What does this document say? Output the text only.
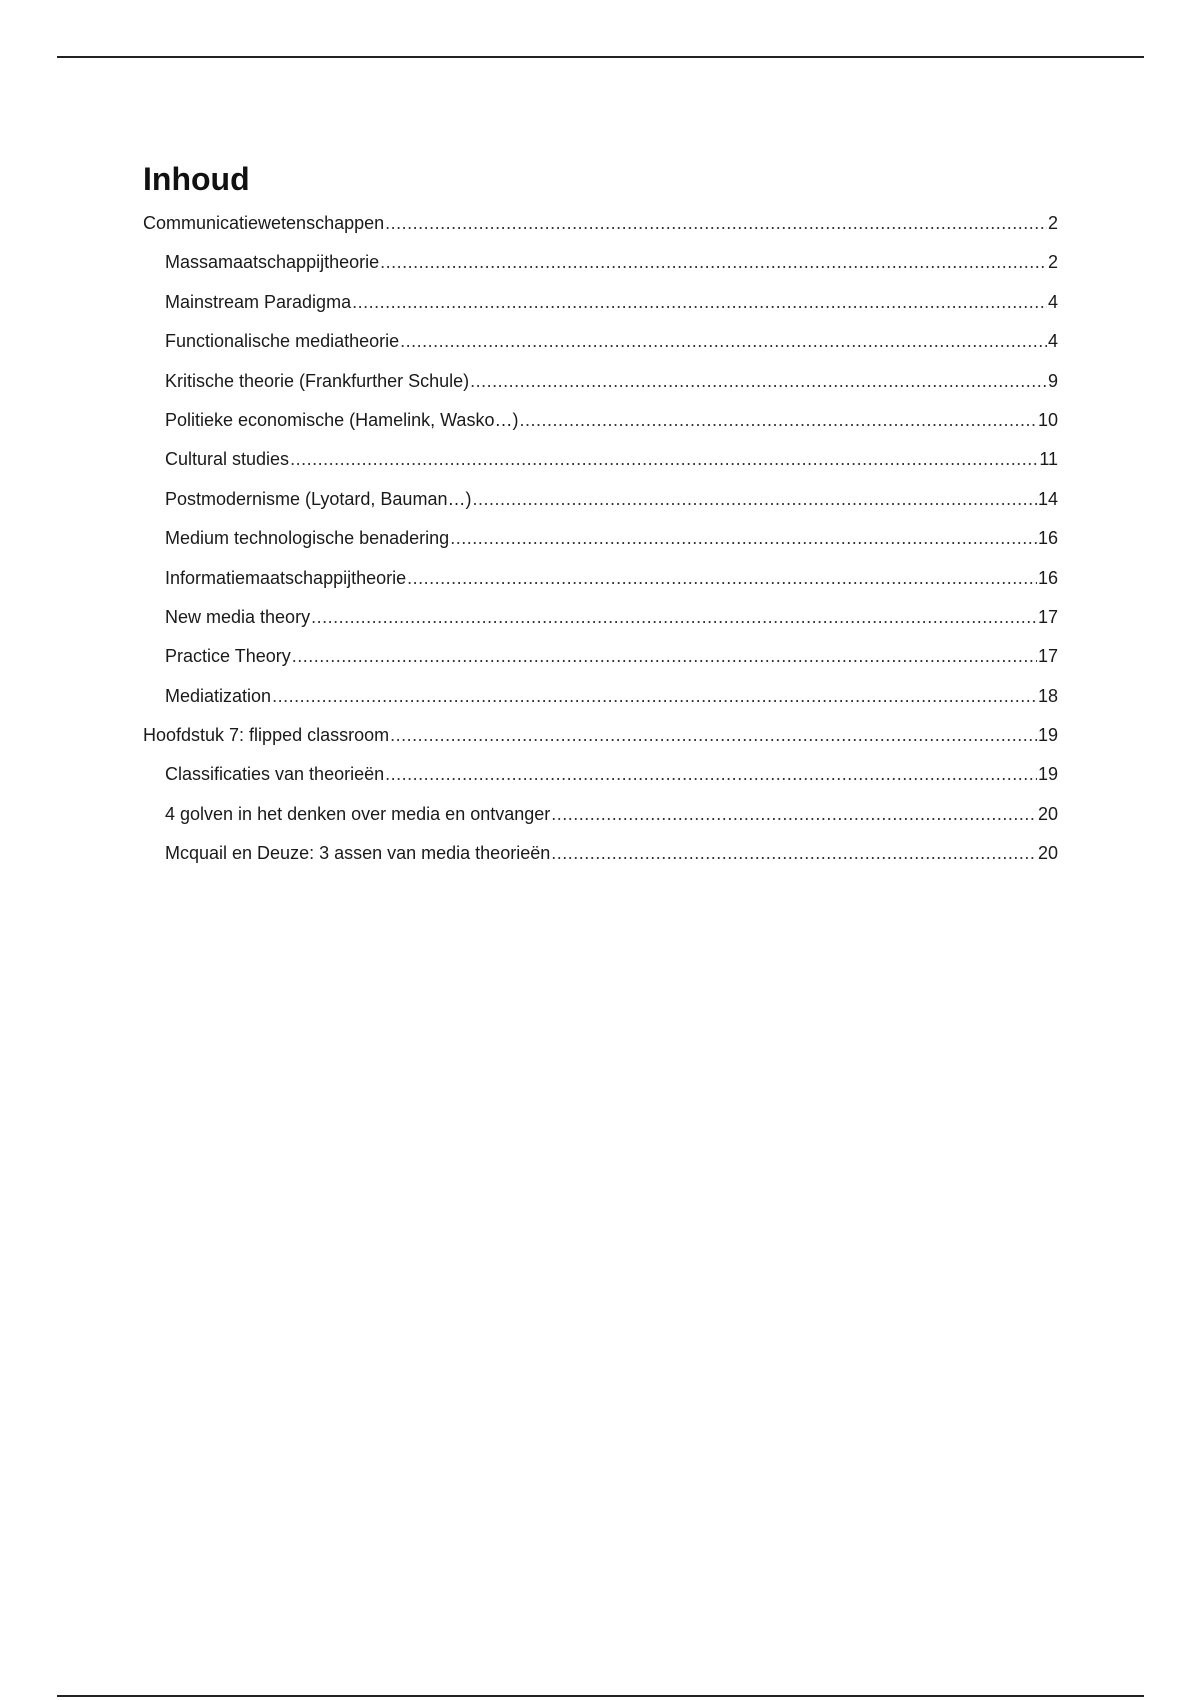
Inhoud
Communicatiewetenschappen .....	2
Massamaatschappijtheorie .....	2
Mainstream Paradigma .....	4
Functionalische mediatheorie .....	4
Kritische theorie (Frankfurther Schule) .....	9
Politieke economische (Hamelink, Wasko…) .....	10
Cultural studies .....	11
Postmodernisme (Lyotard, Bauman…) .....	14
Medium technologische benadering .....	16
Informatiemaatschappijtheorie .....	16
New media theory .....	17
Practice Theory .....	17
Mediatization .....	18
Hoofdstuk 7: flipped classroom .....	19
Classificaties van theorieën .....	19
4 golven in het denken over media en ontvanger .....	20
Mcquail en Deuze: 3 assen van media theorieën .....	20
